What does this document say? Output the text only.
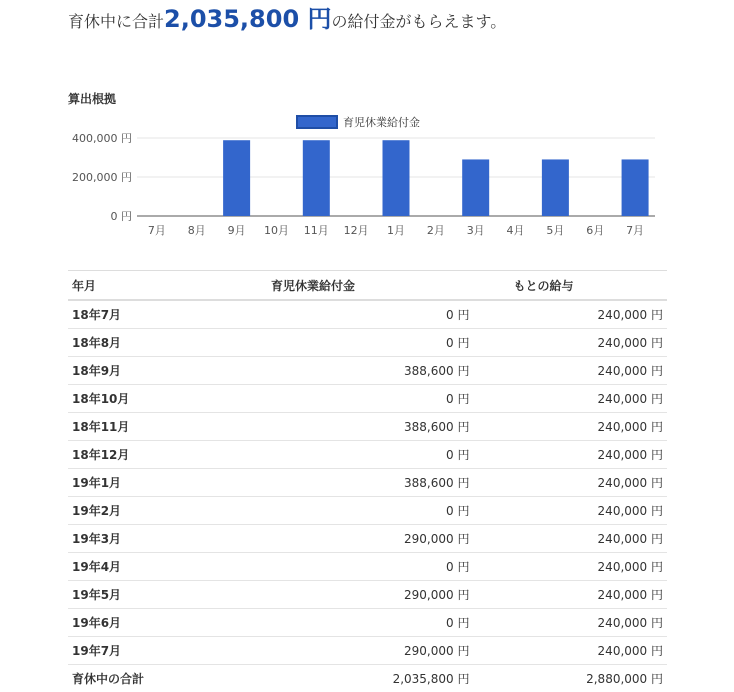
育休中に合計2,035,800 円の給付金がもらえます。
算出根拠
0 円
200,000 円
400,000 円
7月 8月 9月 10月 11月 12月 1月 2月 3月 4月 5月 6月 7月
育児休業給付金
年月	育児休業給付金	もとの給与
18年7月	0 円	240,000 円
18年8月	0 円	240,000 円
18年9月	388,600 円	240,000 円
18年10月	0 円	240,000 円
18年11月	388,600 円	240,000 円
18年12月	0 円	240,000 円
19年1月	388,600 円	240,000 円
19年2月	0 円	240,000 円
19年3月	290,000 円	240,000 円
19年4月	0 円	240,000 円
19年5月	290,000 円	240,000 円
19年6月	0 円	240,000 円
19年7月	290,000 円	240,000 円
育休中の合計	2,035,800 円	2,880,000 円
